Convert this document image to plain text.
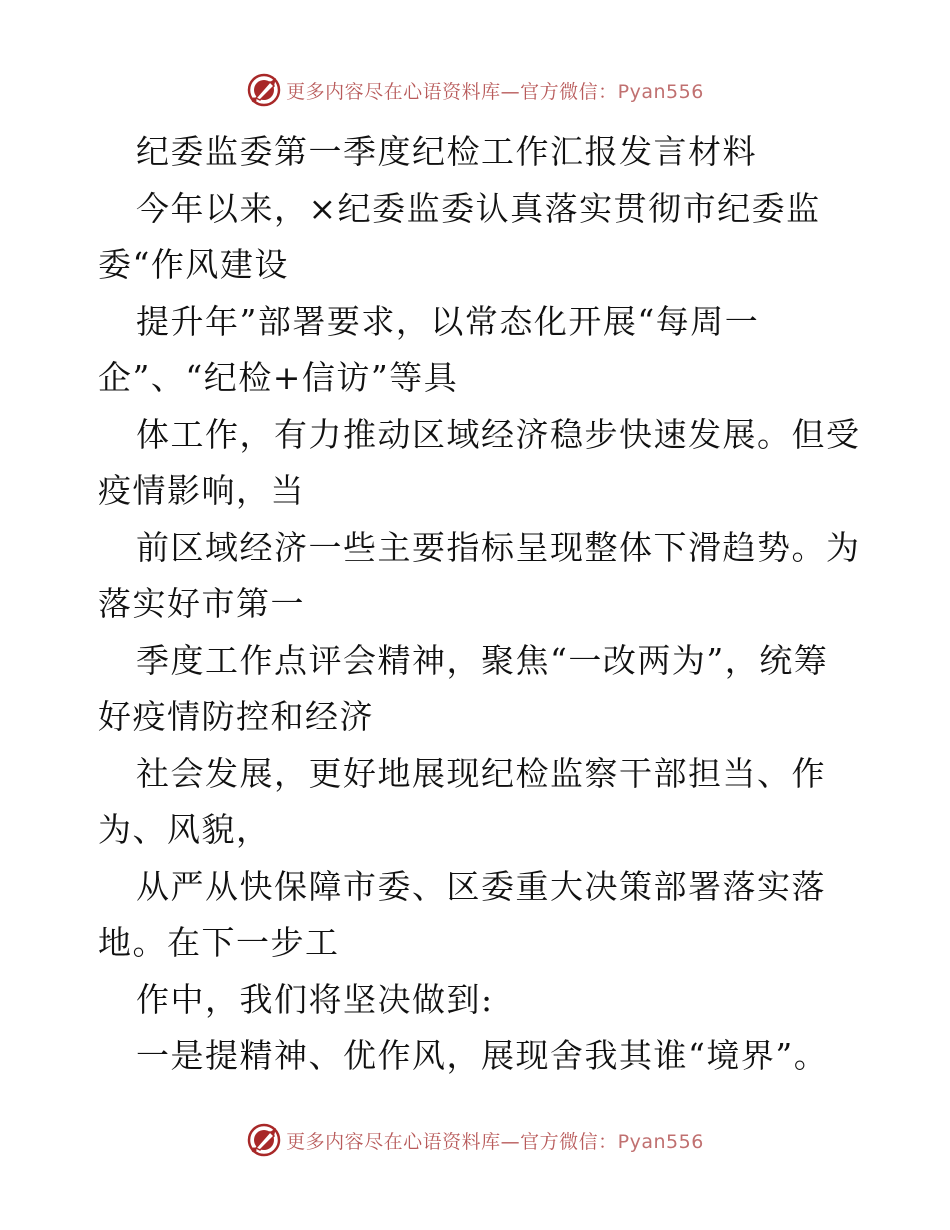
更多内容尽在心语资料库—官方微信：Pyan556
纪委监委第一季度纪检工作汇报发言材料
今年以来，×纪委监委认真落实贯彻市纪委监
委“作风建设
提升年”部署要求，以常态化开展“每周一
企”、“纪检+信访”等具
体工作，有力推动区域经济稳步快速发展。但受
疫情影响，当
前区域经济一些主要指标呈现整体下滑趋势。为
落实好市第一
季度工作点评会精神，聚焦“一改两为”，统筹
好疫情防控和经济
社会发展，更好地展现纪检监察干部担当、作
为、风貌，
从严从快保障市委、区委重大决策部署落实落
地。在下一步工
作中，我们将坚决做到:
一是提精神、优作风，展现舍我其谁“境界”。
更多内容尽在心语资料库—官方微信：Pyan556
